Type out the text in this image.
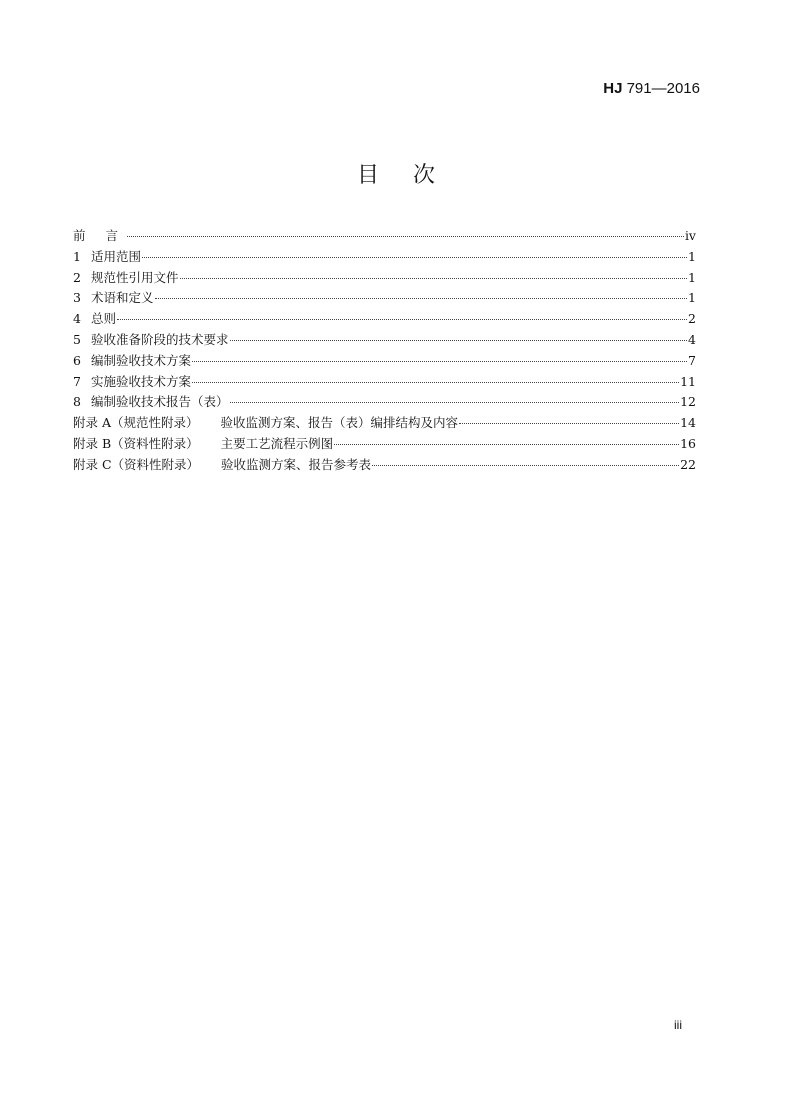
HJ 791—2016
目次
前 言	iv
1 适用范围	1
2 规范性引用文件	1
3 术语和定义	1
4 总则	2
5 验收准备阶段的技术要求	4
6 编制验收技术方案	7
7 实施验收技术方案	11
8 编制验收技术报告（表）	12
附录 A（规范性附录） 验收监测方案、报告（表）编排结构及内容	14
附录 B（资料性附录） 主要工艺流程示例图	16
附录 C（资料性附录） 验收监测方案、报告参考表	22
iii
